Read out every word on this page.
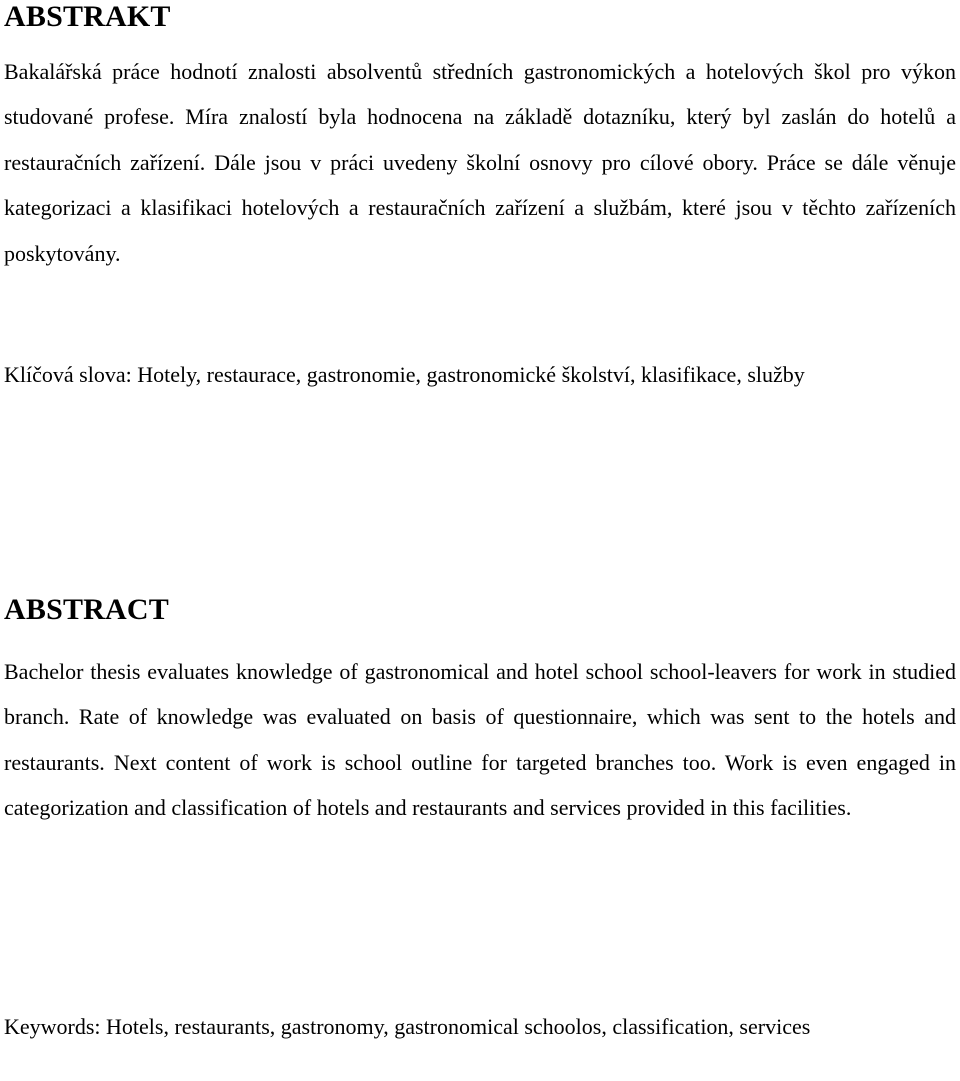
ABSTRAKT

Bakalářská práce hodnotí znalosti absolventů středních gastronomických a hotelových škol pro výkon studované profese. Míra znalostí byla hodnocena na základě dotazníku, který byl zaslán do hotelů a restauračních zařízení. Dále jsou v práci uvedeny školní osnovy pro cílové obory. Práce se dále věnuje kategorizaci a klasifikaci hotelových a restauračních zařízení a službám, které jsou v těchto zařízeních poskytovány.

Klíčová slova: Hotely, restaurace, gastronomie, gastronomické školství, klasifikace, služby

ABSTRACT

Bachelor thesis evaluates knowledge of gastronomical and hotel school school-leavers for work in studied branch. Rate of knowledge was evaluated on basis of questionnaire, which was sent to the hotels and restaurants. Next content of work is school outline for targeted branches too. Work is even engaged in categorization and classification of hotels and restaurants and services provided in this facilities.

Keywords: Hotels, restaurants, gastronomy, gastronomical schoolos, classification, services
